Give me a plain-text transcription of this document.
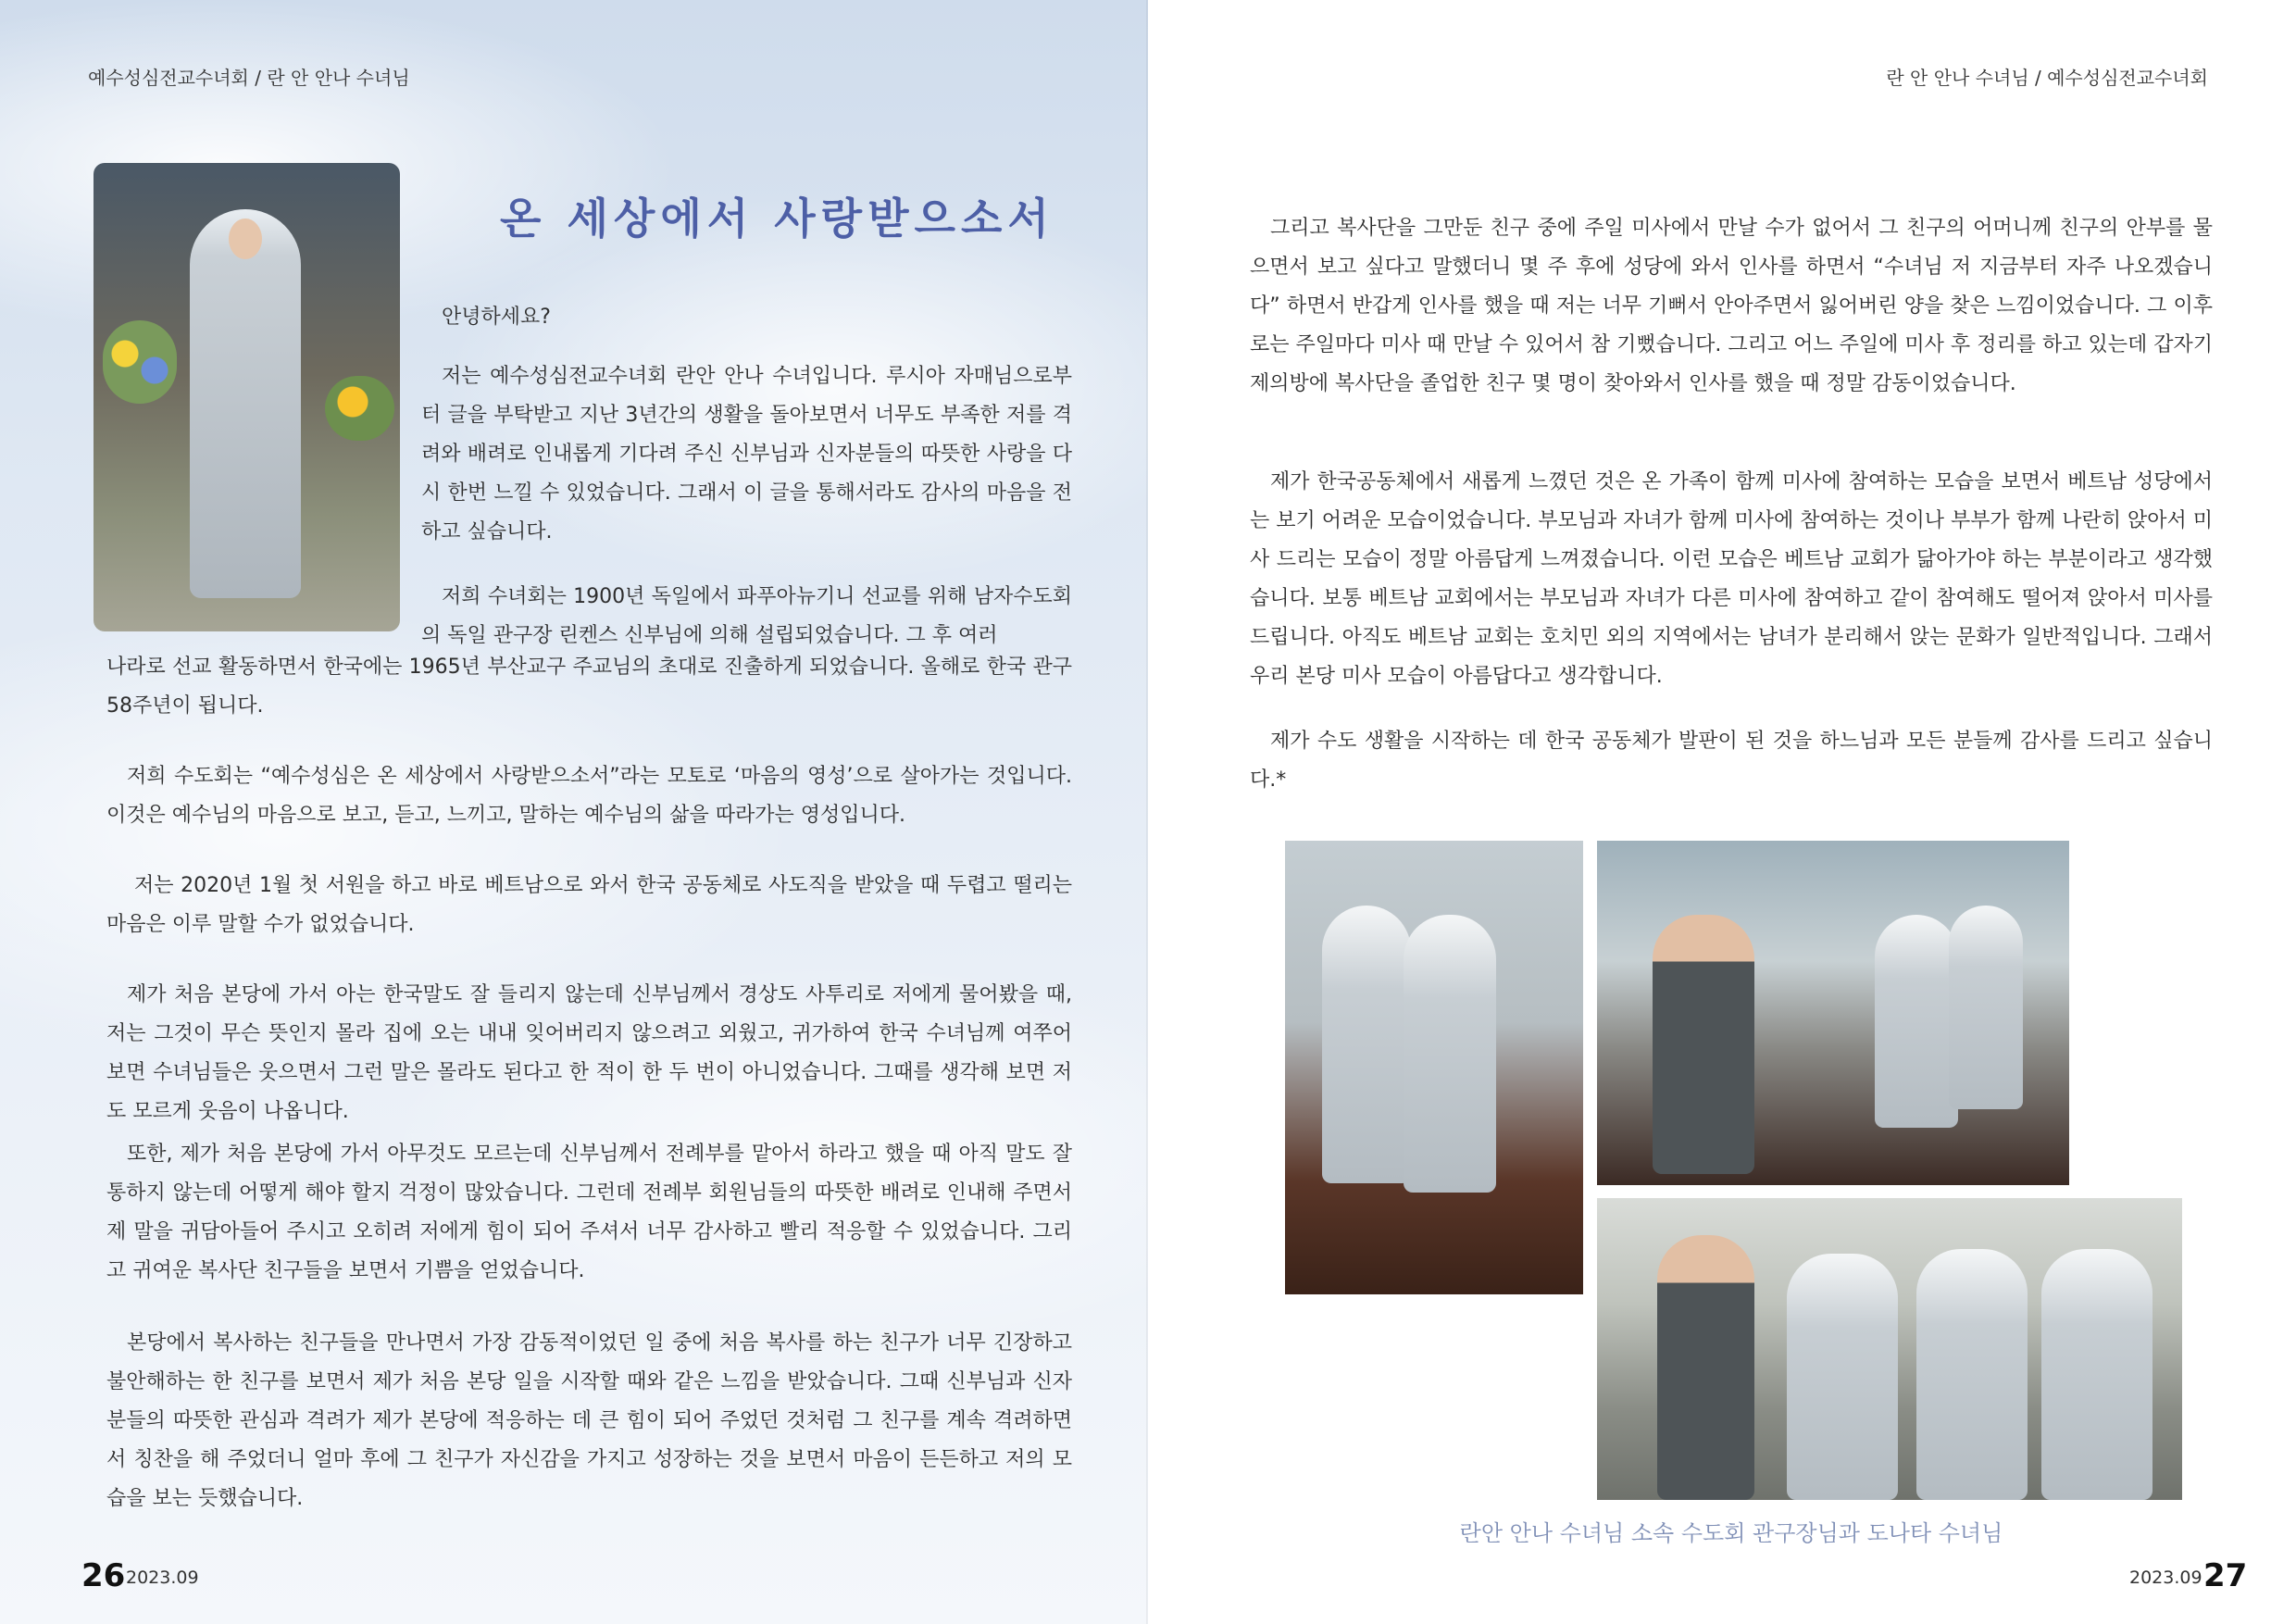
예수성심전교수녀회 / 란 안 안나 수녀님
온 세상에서 사랑받으소서

안녕하세요?

저는 예수성심전교수녀회 란안 안나 수녀입니다. 루시아 자매님으로부터 글을 부탁받고 지난 3년간의 생활을 돌아보면서 너무도 부족한 저를 격려와 배려로 인내롭게 기다려 주신 신부님과 신자분들의 따뜻한 사랑을 다시 한번 느낄 수 있었습니다. 그래서 이 글을 통해서라도 감사의 마음을 전하고 싶습니다.

저희 수녀회는 1900년 독일에서 파푸아뉴기니 선교를 위해 남자수도회의 독일 관구장 린켄스 신부님에 의해 설립되었습니다. 그 후 여러

나라로 선교 활동하면서 한국에는 1965년 부산교구 주교님의 초대로 진출하게 되었습니다. 올해로 한국 관구 58주년이 됩니다.

저희 수도회는 “예수성심은 온 세상에서 사랑받으소서”라는 모토로 ‘마음의 영성’으로 살아가는 것입니다. 이것은 예수님의 마음으로 보고, 듣고, 느끼고, 말하는 예수님의 삶을 따라가는 영성입니다.

저는 2020년 1월 첫 서원을 하고 바로 베트남으로 와서 한국 공동체로 사도직을 받았을 때 두렵고 떨리는 마음은 이루 말할 수가 없었습니다.

제가 처음 본당에 가서 아는 한국말도 잘 들리지 않는데 신부님께서 경상도 사투리로 저에게 물어봤을 때, 저는 그것이 무슨 뜻인지 몰라 집에 오는 내내 잊어버리지 않으려고 외웠고, 귀가하여 한국 수녀님께 여쭈어 보면 수녀님들은 웃으면서 그런 말은 몰라도 된다고 한 적이 한 두 번이 아니었습니다. 그때를 생각해 보면 저도 모르게 웃음이 나옵니다.

또한, 제가 처음 본당에 가서 아무것도 모르는데 신부님께서 전례부를 맡아서 하라고 했을 때 아직 말도 잘 통하지 않는데 어떻게 해야 할지 걱정이 많았습니다. 그런데 전례부 회원님들의 따뜻한 배려로 인내해 주면서 제 말을 귀담아들어 주시고 오히려 저에게 힘이 되어 주셔서 너무 감사하고 빨리 적응할 수 있었습니다. 그리고 귀여운 복사단 친구들을 보면서 기쁨을 얻었습니다.

본당에서 복사하는 친구들을 만나면서 가장 감동적이었던 일 중에 처음 복사를 하는 친구가 너무 긴장하고 불안해하는 한 친구를 보면서 제가 처음 본당 일을 시작할 때와 같은 느낌을 받았습니다. 그때 신부님과 신자분들의 따뜻한 관심과 격려가 제가 본당에 적응하는 데 큰 힘이 되어 주었던 것처럼 그 친구를 계속 격려하면서 칭찬을 해 주었더니 얼마 후에 그 친구가 자신감을 가지고 성장하는 것을 보면서 마음이 든든하고 저의 모습을 보는 듯했습니다.

26 2023.09
란 안 안나 수녀님 / 예수성심전교수녀회

그리고 복사단을 그만둔 친구 중에 주일 미사에서 만날 수가 없어서 그 친구의 어머니께 친구의 안부를 물으면서 보고 싶다고 말했더니 몇 주 후에 성당에 와서 인사를 하면서 “수녀님 저 지금부터 자주 나오겠습니다” 하면서 반갑게 인사를 했을 때 저는 너무 기뻐서 안아주면서 잃어버린 양을 찾은 느낌이었습니다. 그 이후로는 주일마다 미사 때 만날 수 있어서 참 기뻤습니다. 그리고 어느 주일에 미사 후 정리를 하고 있는데 갑자기 제의방에 복사단을 졸업한 친구 몇 명이 찾아와서 인사를 했을 때 정말 감동이었습니다.

제가 한국공동체에서 새롭게 느꼈던 것은 온 가족이 함께 미사에 참여하는 모습을 보면서 베트남 성당에서는 보기 어려운 모습이었습니다. 부모님과 자녀가 함께 미사에 참여하는 것이나 부부가 함께 나란히 앉아서 미사 드리는 모습이 정말 아름답게 느껴졌습니다. 이런 모습은 베트남 교회가 닮아가야 하는 부분이라고 생각했습니다. 보통 베트남 교회에서는 부모님과 자녀가 다른 미사에 참여하고 같이 참여해도 떨어져 앉아서 미사를 드립니다. 아직도 베트남 교회는 호치민 외의 지역에서는 남녀가 분리해서 앉는 문화가 일반적입니다. 그래서 우리 본당 미사 모습이 아름답다고 생각합니다.

제가 수도 생활을 시작하는 데 한국 공동체가 발판이 된 것을 하느님과 모든 분들께 감사를 드리고 싶습니다.*

란안 안나 수녀님 소속 수도회 관구장님과 도나타 수녀님
27
2023.09
